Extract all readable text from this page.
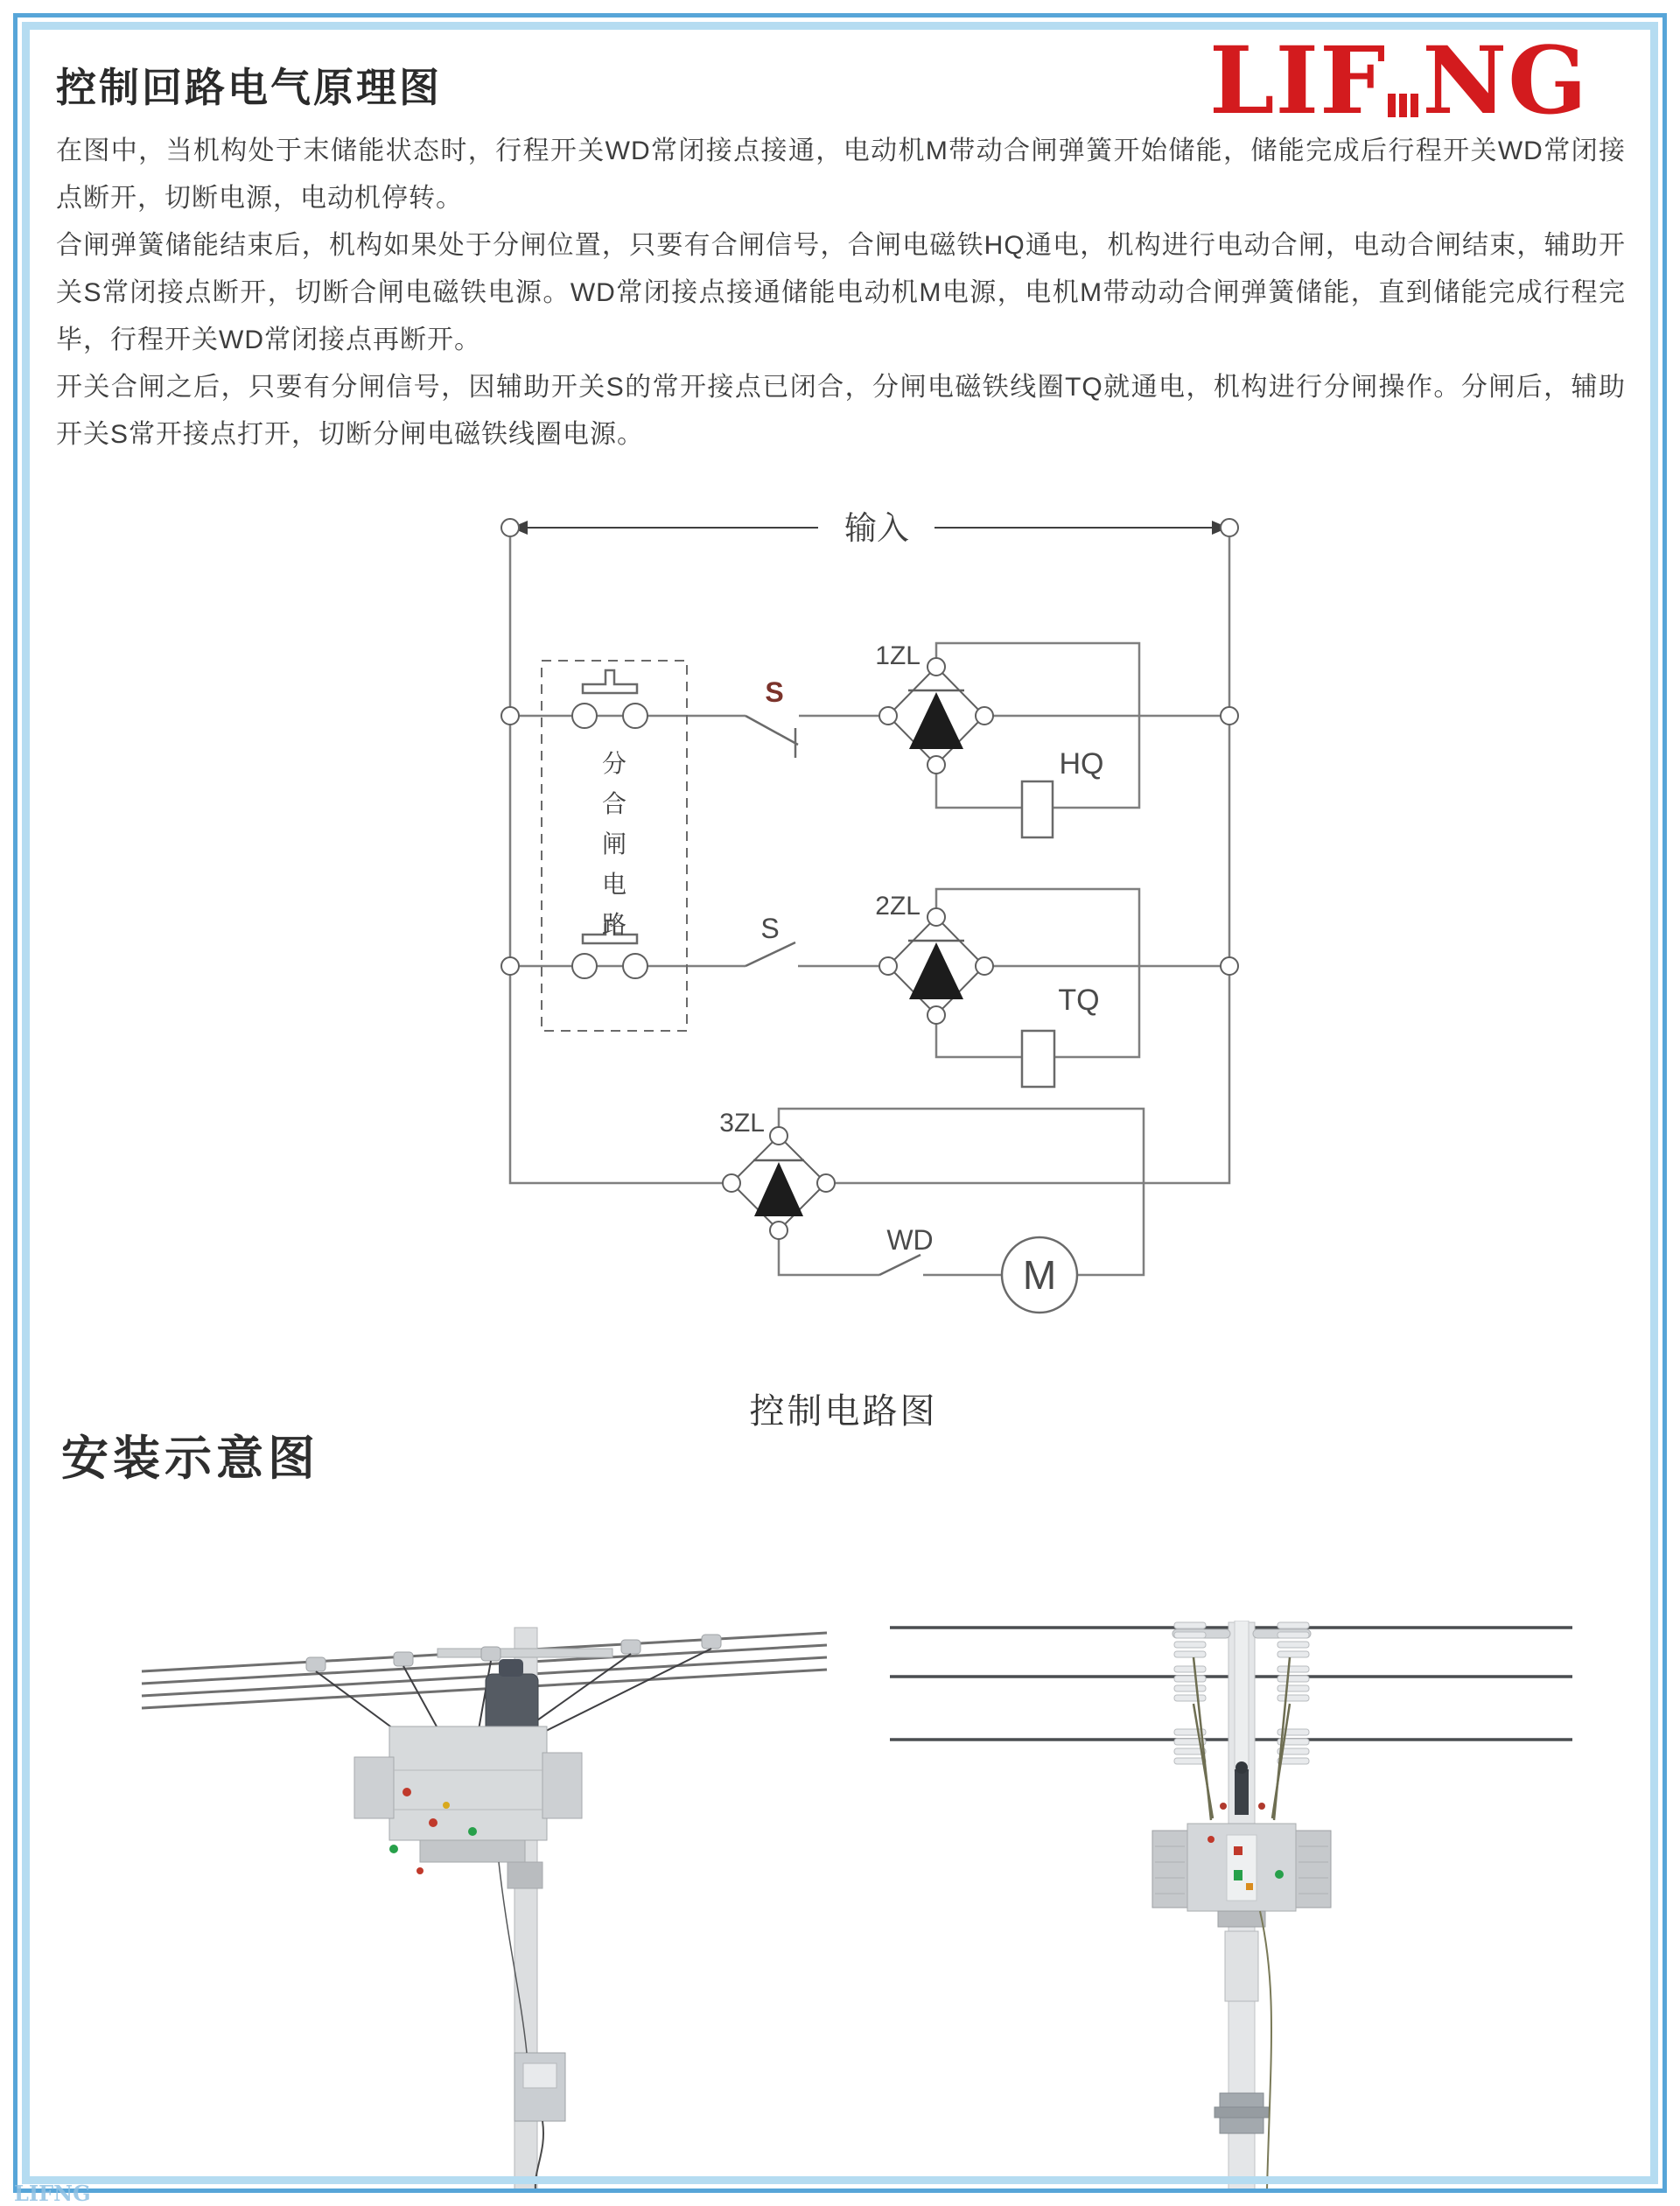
控制回路电气原理图	LIF NG

在图中，当机构处于末储能状态时，行程开关WD常闭接点接通，电动机M带动合闸弹簧开始储能，储能完成后行程开关WD常闭接点断开，切断电源，电动机停转。

合闸弹簧储能结束后，机构如果处于分闸位置，只要有合闸信号，合闸电磁铁HQ通电，机构进行电动合闸，电动合闸结束，辅助开关S常闭接点断开，切断合闸电磁铁电源。WD常闭接点接通储能电动机M电源，电机M带动动合闸弹簧储能，直到储能完成行程完毕，行程开关WD常闭接点再断开。

开关合闸之后，只要有分闸信号，因辅助开关S的常开接点已闭合，分闸电磁铁线圈TQ就通电，机构进行分闸操作。分闸后，辅助开关S常开接点打开，切断分闸电磁铁线圈电源。

输入
分
合
闸
电
路
S
S
1ZL
2ZL
3ZL
HQ
TQ
WD
M
控制电路图
安装示意图
LIFNG
